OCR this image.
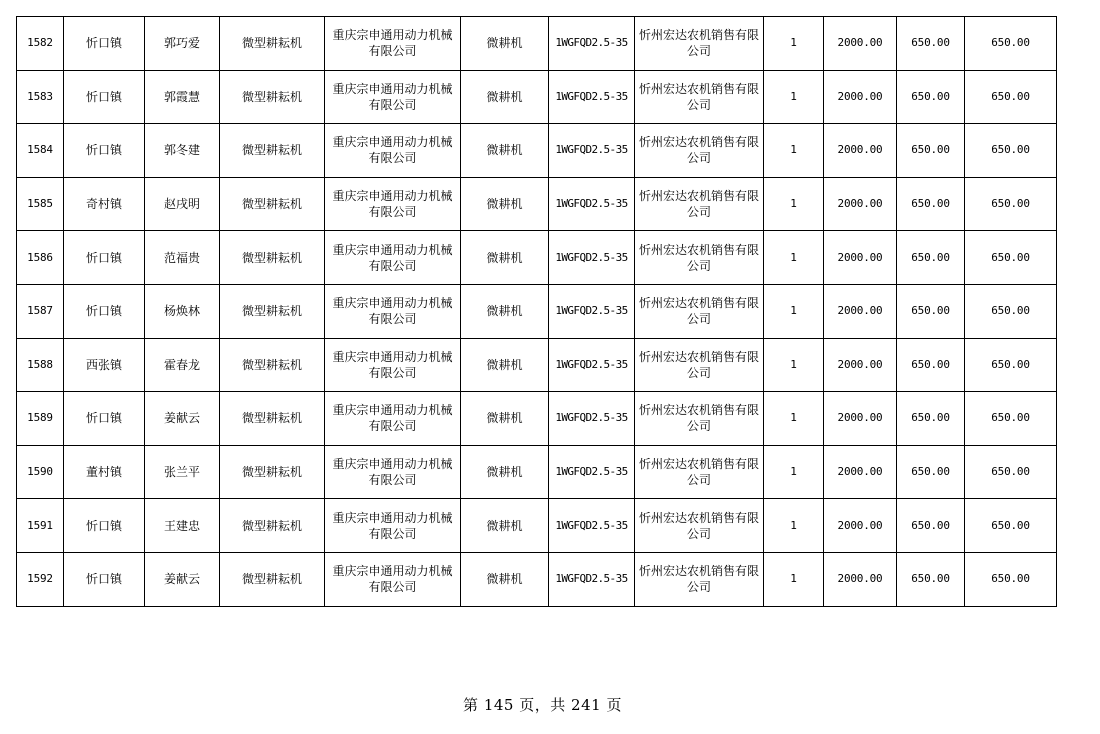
1582	忻口镇	郭巧爱	微型耕耘机	重庆宗申通用动力机械有限公司	微耕机	1WGFQD2.5-35	忻州宏达农机销售有限公司	1	2000.00	650.00	650.00
1583	忻口镇	郭霞慧	微型耕耘机	重庆宗申通用动力机械有限公司	微耕机	1WGFQD2.5-35	忻州宏达农机销售有限公司	1	2000.00	650.00	650.00
1584	忻口镇	郭冬建	微型耕耘机	重庆宗申通用动力机械有限公司	微耕机	1WGFQD2.5-35	忻州宏达农机销售有限公司	1	2000.00	650.00	650.00
1585	奇村镇	赵戌明	微型耕耘机	重庆宗申通用动力机械有限公司	微耕机	1WGFQD2.5-35	忻州宏达农机销售有限公司	1	2000.00	650.00	650.00
1586	忻口镇	范福贵	微型耕耘机	重庆宗申通用动力机械有限公司	微耕机	1WGFQD2.5-35	忻州宏达农机销售有限公司	1	2000.00	650.00	650.00
1587	忻口镇	杨焕林	微型耕耘机	重庆宗申通用动力机械有限公司	微耕机	1WGFQD2.5-35	忻州宏达农机销售有限公司	1	2000.00	650.00	650.00
1588	西张镇	霍春龙	微型耕耘机	重庆宗申通用动力机械有限公司	微耕机	1WGFQD2.5-35	忻州宏达农机销售有限公司	1	2000.00	650.00	650.00
1589	忻口镇	姜献云	微型耕耘机	重庆宗申通用动力机械有限公司	微耕机	1WGFQD2.5-35	忻州宏达农机销售有限公司	1	2000.00	650.00	650.00
1590	董村镇	张兰平	微型耕耘机	重庆宗申通用动力机械有限公司	微耕机	1WGFQD2.5-35	忻州宏达农机销售有限公司	1	2000.00	650.00	650.00
1591	忻口镇	王建忠	微型耕耘机	重庆宗申通用动力机械有限公司	微耕机	1WGFQD2.5-35	忻州宏达农机销售有限公司	1	2000.00	650.00	650.00
1592	忻口镇	姜献云	微型耕耘机	重庆宗申通用动力机械有限公司	微耕机	1WGFQD2.5-35	忻州宏达农机销售有限公司	1	2000.00	650.00	650.00
第 145 页，共 241 页
